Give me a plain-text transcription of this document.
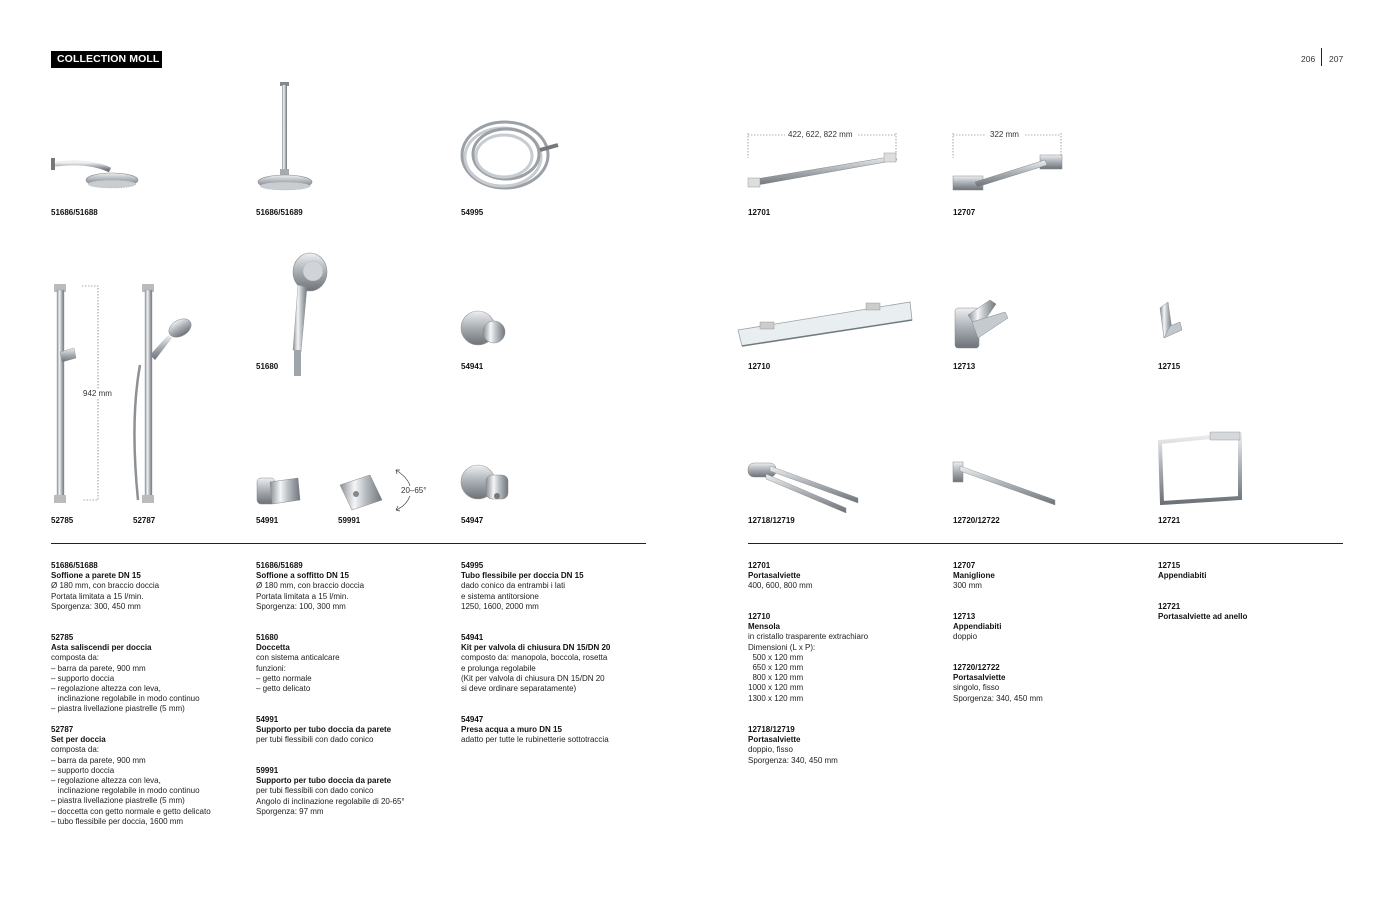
COLLECTION MOLL	206 207
942 mm
422, 622, 822 mm	322 mm
20–65°
51686/51688	51686/51689	54995	12701	12707
51680	54941	12710	12713	12715
52785	52787	54991	59991	54947	12718/12719	12720/12722	12721
51686/51688
Soffione a parete DN 15
Ø 180 mm, con braccio doccia
Portata limitata a 15 l/min.
Sporgenza: 300, 450 mm
52785
Asta saliscendi per doccia
composta da:
– barra da parete, 900 mm
– supporto doccia
– regolazione altezza con leva,
inclinazione regolabile in modo continuo
– piastra livellazione piastrelle (5 mm)
52787
Set per doccia
composta da:
– barra da parete, 900 mm
– supporto doccia
– regolazione altezza con leva,
inclinazione regolabile in modo continuo
– piastra livellazione piastrelle (5 mm)
– doccetta con getto normale e getto delicato
– tubo flessibile per doccia, 1600 mm
51686/51689
Soffione a soffitto DN 15
Ø 180 mm, con braccio doccia
Portata limitata a 15 l/min.
Sporgenza: 100, 300 mm
51680
Doccetta
con sistema anticalcare
funzioni:
– getto normale
– getto delicato
54991
Supporto per tubo doccia da parete
per tubi flessibili con dado conico
59991
Supporto per tubo doccia da parete
per tubi flessibili con dado conico
Angolo di inclinazione regolabile di 20-65°
Sporgenza: 97 mm
54995
Tubo flessibile per doccia DN 15
dado conico da entrambi i lati
e sistema antitorsione
1250, 1600, 2000 mm
54941
Kit per valvola di chiusura DN 15/DN 20
composto da: manopola, boccola, rosetta
e prolunga regolabile
(Kit per valvola di chiusura DN 15/DN 20
si deve ordinare separatamente)
54947
Presa acqua a muro DN 15
adatto per tutte le rubinetterie sottotraccia
12701
Portasalviette
400, 600, 800 mm
12710
Mensola
in cristallo trasparente extrachiaro
Dimensioni (L x P):
500 x 120 mm
650 x 120 mm
800 x 120 mm
1000 x 120 mm
1300 x 120 mm
12718/12719
Portasalviette
doppio, fisso
Sporgenza: 340, 450 mm
12707
Maniglione
300 mm
12713
Appendiabiti
doppio
12720/12722
Portasalviette
singolo, fisso
Sporgenza: 340, 450 mm
12715
Appendiabiti
12721
Portasalviette ad anello
